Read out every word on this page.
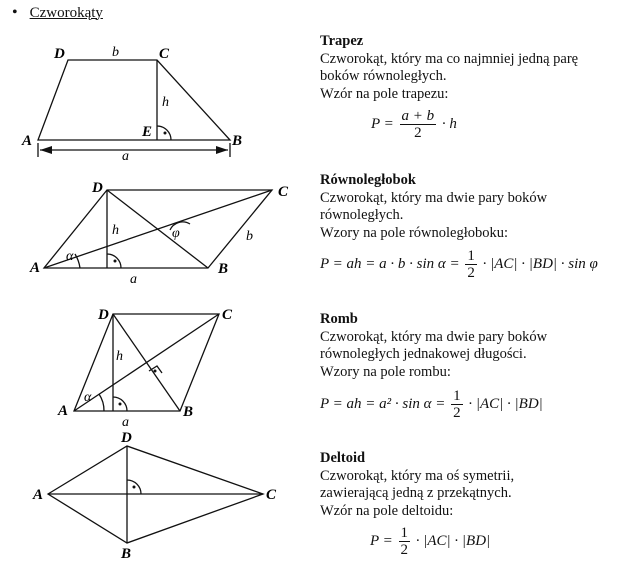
• Czworokąty
D	C
A	B
E
b
h
a
D	C
A	B
a
b
h
α
φ
D	C
A	B
a
h
α
D
C
A
B
Trapez
Czworokąt, który ma co najmniej jedną parę
boków równoległych.
Wzór na pole trapezu:
$P = \frac{a + b}{2} \cdot h$
Równoległobok
Czworokąt, który ma dwie pary boków
równoległych.
Wzory na pole równoległoboku:
P = ah = $a \cdot b \cdot \sin \alpha = \frac{1}{2} \cdot |AC| \cdot |BD| \cdot \sin \varphi$
Romb
Czworokąt, który ma dwie pary boków
równoległych jednakowej długości.
Wzory na pole rombu:
P = ah = $a^2 \cdot \sin \alpha = \frac{1}{2} \cdot |AC| \cdot |BD|$
Deltoid
Czworokąt, który ma oś symetrii,
zawierającą jedną z przekątnych.
Wzór na pole deltoidu:
$P = \frac{1}{2} \cdot |AC| \cdot |BD|$
